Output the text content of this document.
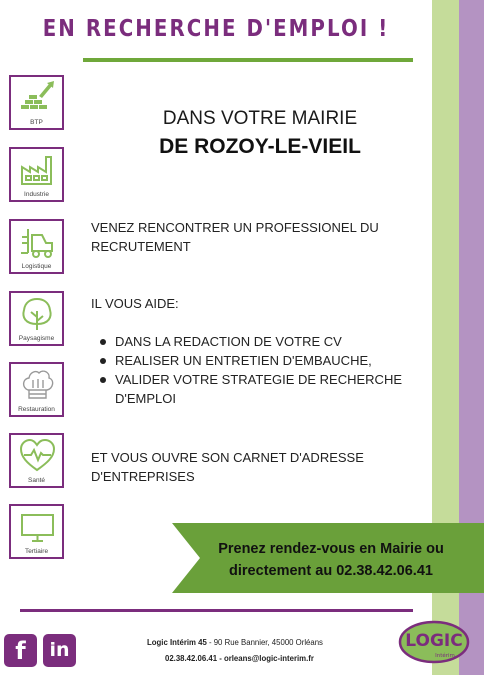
EN RECHERCHE D'EMPLOI !
BTP
Industrie
Logistique
Paysagisme
Restauration
Santé
Tertiaire
DANS VOTRE MAIRIE
DE ROZOY-LE-VIEIL
VENEZ RENCONTRER UN PROFESSIONEL DU RECRUTEMENT
IL VOUS AIDE:
DANS LA REDACTION DE VOTRE CV
REALISER UN ENTRETIEN D'EMBAUCHE,
VALIDER VOTRE STRATEGIE DE RECHERCHE D'EMPLOI
ET VOUS OUVRE SON CARNET D'ADRESSE D'ENTREPRISES
Prenez rendez-vous en Mairie ou directement au 02.38.42.06.41
f	in	Logic Intérim 45 - 90 Rue Bannier, 45000 Orléans
02.38.42.06.41 - orleans@logic-interim.fr
LOGIC
Intérim
